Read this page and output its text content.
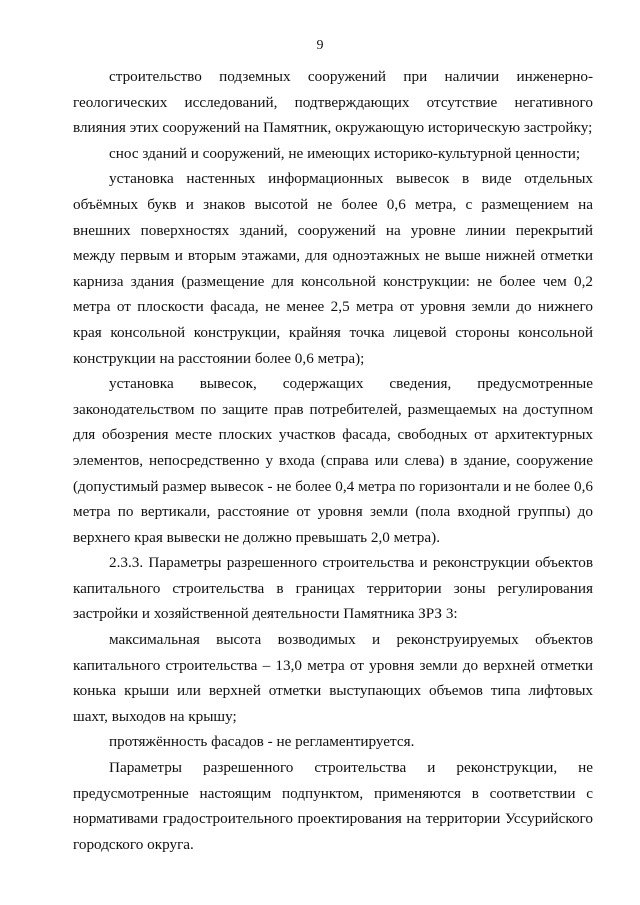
9

строительство подземных сооружений при наличии инженерно-геологических исследований, подтверждающих отсутствие негативного влияния этих сооружений на Памятник, окружающую историческую застройку;

снос зданий и сооружений, не имеющих историко-культурной ценности;

установка настенных информационных вывесок в виде отдельных объёмных букв и знаков высотой не более 0,6 метра, с размещением на внешних поверхностях зданий, сооружений на уровне линии перекрытий между первым и вторым этажами, для одноэтажных не выше нижней отметки карниза здания (размещение для консольной конструкции: не более чем 0,2 метра от плоскости фасада, не менее 2,5 метра от уровня земли до нижнего края консольной конструкции, крайняя точка лицевой стороны консольной конструкции на расстоянии более 0,6 метра);

установка вывесок, содержащих сведения, предусмотренные законодательством по защите прав потребителей, размещаемых на доступном для обозрения месте плоских участков фасада, свободных от архитектурных элементов, непосредственно у входа (справа или слева) в здание, сооружение (допустимый размер вывесок - не более 0,4 метра по горизонтали и не более 0,6 метра по вертикали, расстояние от уровня земли (пола входной группы) до верхнего края вывески не должно превышать 2,0 метра).

2.3.3. Параметры разрешенного строительства и реконструкции объектов капитального строительства в границах территории зоны регулирования застройки и хозяйственной деятельности Памятника ЗРЗ 3:

максимальная высота возводимых и реконструируемых объектов капитального строительства – 13,0 метра от уровня земли до верхней отметки конька крыши или верхней отметки выступающих объемов типа лифтовых шахт, выходов на крышу;

протяжённость фасадов - не регламентируется.

Параметры разрешенного строительства и реконструкции, не предусмотренные настоящим подпунктом, применяются в соответствии с нормативами градостроительного проектирования на территории Уссурийского городского округа.
